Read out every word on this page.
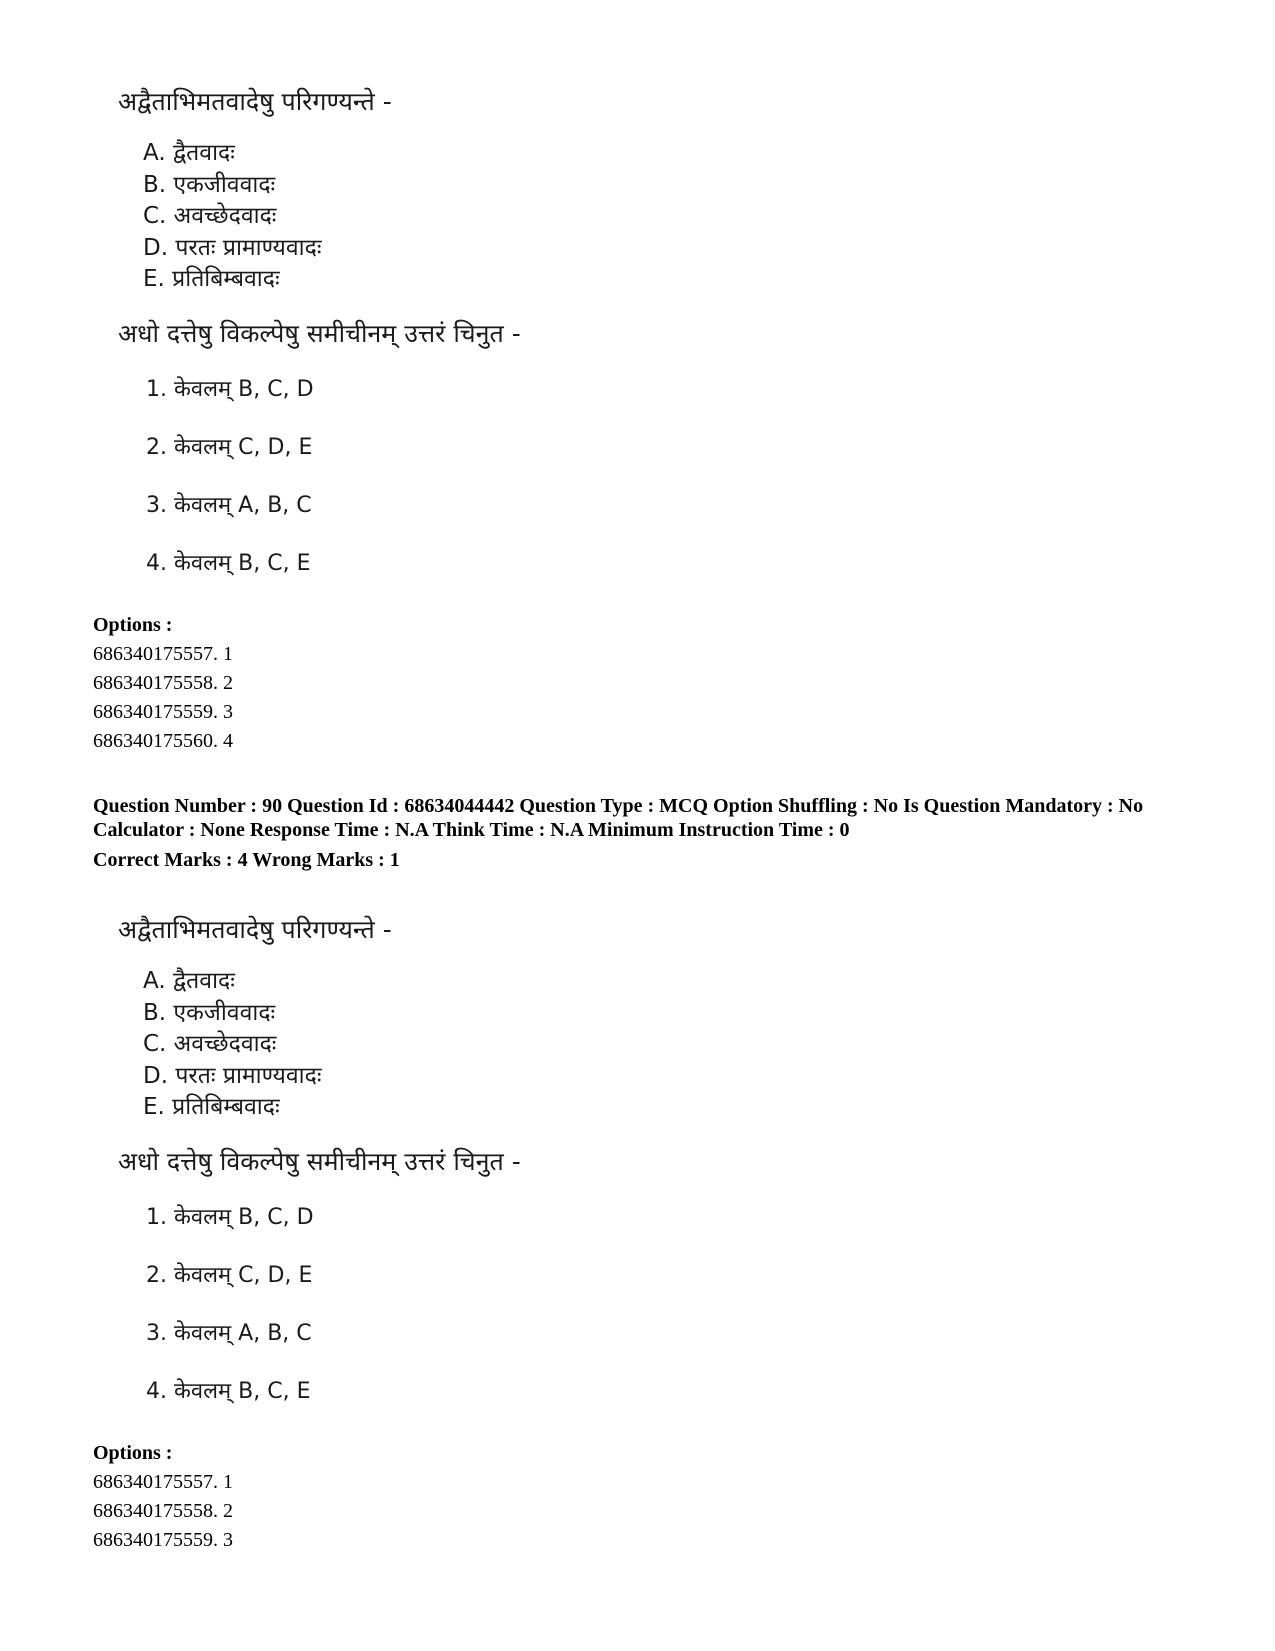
अद्वैताभिमतवादेषु परिगण्यन्ते -
A. द्वैतवादः
B. एकजीववादः
C. अवच्छेदवादः
D. परतः प्रामाण्यवादः
E. प्रतिबिम्बवादः
अधो दत्तेषु विकल्पेषु समीचीनम् उत्तरं चिनुत -
1. केवलम् B, C, D
2. केवलम् C, D, E
3. केवलम् A, B, C
4. केवलम् B, C, E
Options :
686340175557. 1
686340175558. 2
686340175559. 3
686340175560. 4

Question Number : 90 Question Id : 68634044442 Question Type : MCQ Option Shuffling : No Is Question Mandatory : No Calculator : None Response Time : N.A Think Time : N.A Minimum Instruction Time : 0

Correct Marks : 4 Wrong Marks : 1

अद्वैताभिमतवादेषु परिगण्यन्ते -
A. द्वैतवादः
B. एकजीववादः
C. अवच्छेदवादः
D. परतः प्रामाण्यवादः
E. प्रतिबिम्बवादः
अधो दत्तेषु विकल्पेषु समीचीनम् उत्तरं चिनुत -
1. केवलम् B, C, D
2. केवलम् C, D, E
3. केवलम् A, B, C
4. केवलम् B, C, E
Options :
686340175557. 1
686340175558. 2
686340175559. 3
